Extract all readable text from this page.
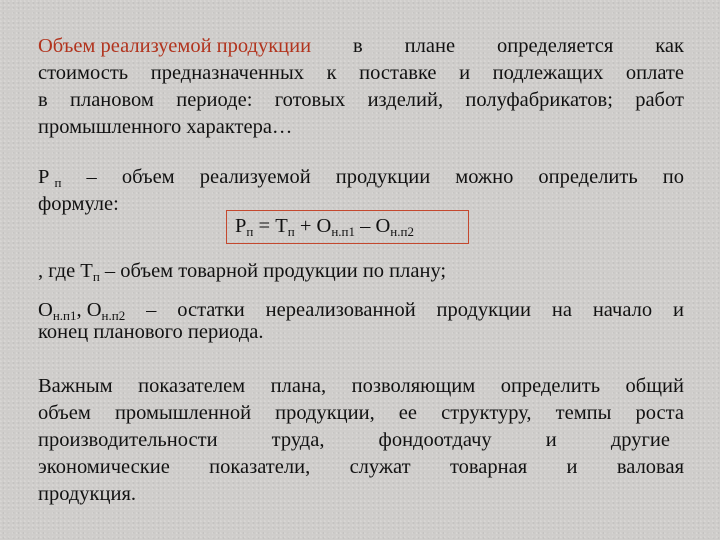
Объем реализуемой продукции в плане определяется как
стоимость предназначенных к поставке и подлежащих оплате
в плановом периоде: готовых изделий, полуфабрикатов; работ
промышленного характера…
Р $_п$ – объем реализуемой продукции можно определить по
формуле:
$Р_п = Т_п + О_{н.п1} - О_{н.п2}$
, где $Т_п$ – объем товарной продукции по плану;
$О_{н.п1}$, $О_{н.п2}$ – остатки нереализованной продукции на начало и
конец планового периода.
Важным показателем плана, позволяющим определить общий
объем промышленной продукции, ее структуру, темпы роста
производительности	труда,	фондоотдачу	и	другие
экономические показатели, служат товарная и валовая
продукция.
